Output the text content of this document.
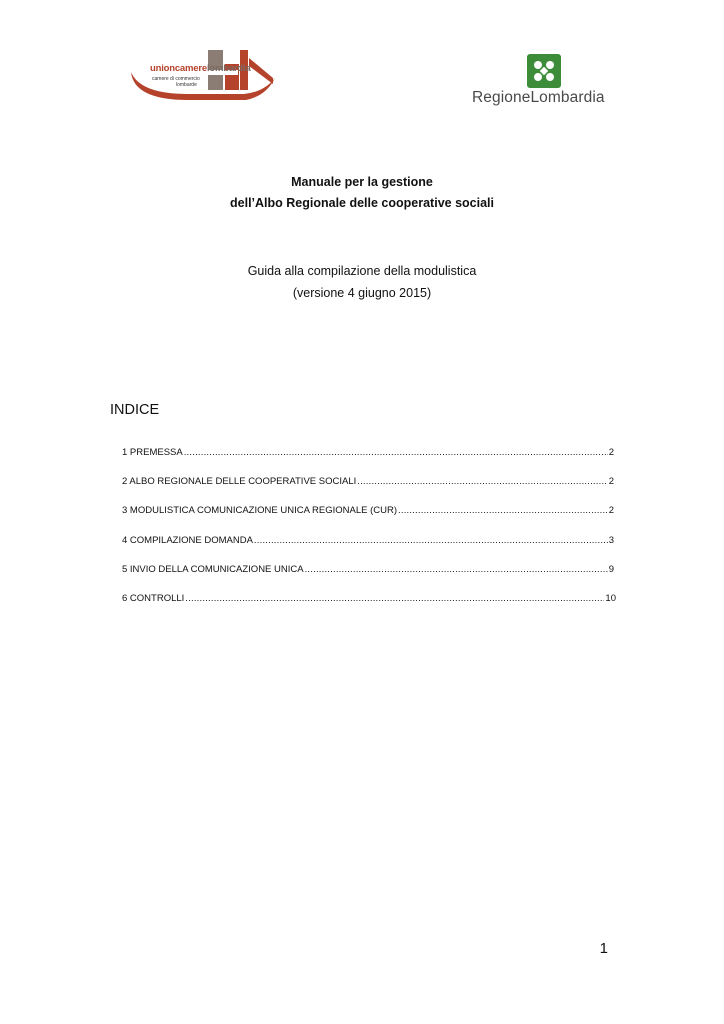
unioncamerelombardia
camere di commercio
lombarde
RegioneLombardia
Manuale per la gestione
dell’Albo Regionale delle cooperative sociali
Guida alla compilazione della modulistica
(versione 4 giugno 2015)
INDICE
1 PREMESSA .....	2
2 ALBO REGIONALE DELLE COOPERATIVE SOCIALI .....	2
3 MODULISTICA COMUNICAZIONE UNICA REGIONALE (CUR) .....	2
4 COMPILAZIONE DOMANDA .....	3
5 INVIO DELLA COMUNICAZIONE UNICA .....	9
6 CONTROLLI .....	10
1
